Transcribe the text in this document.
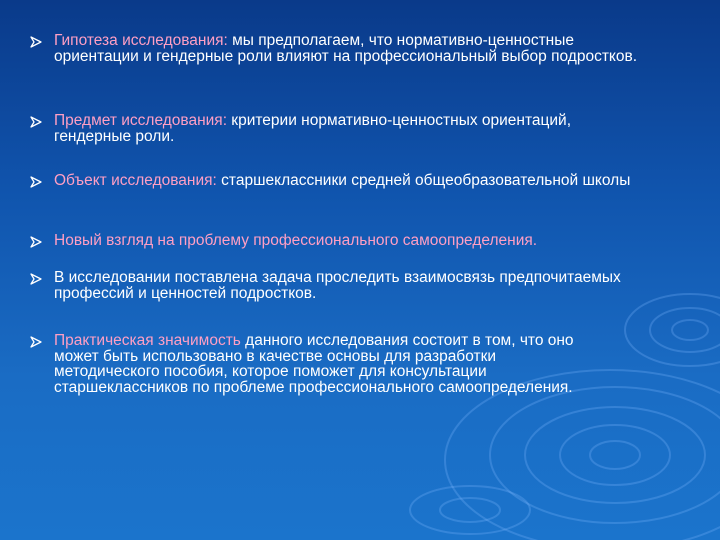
Гипотеза исследования: мы предполагаем, что нормативно-ценностные ориентации и гендерные роли влияют на профессиональный выбор подростков.
Предмет исследования: критерии нормативно-ценностных ориентаций, гендерные роли.
Объект исследования: старшеклассники средней общеобразовательной школы
Новый взгляд на проблему профессионального самоопределения.
В исследовании поставлена задача проследить взаимосвязь предпочитаемых профессий и ценностей подростков.
Практическая значимость данного исследования состоит в том, что оно может быть использовано в качестве основы для разработки методического пособия, которое поможет для консультации старшеклассников по проблеме профессионального самоопределения.
